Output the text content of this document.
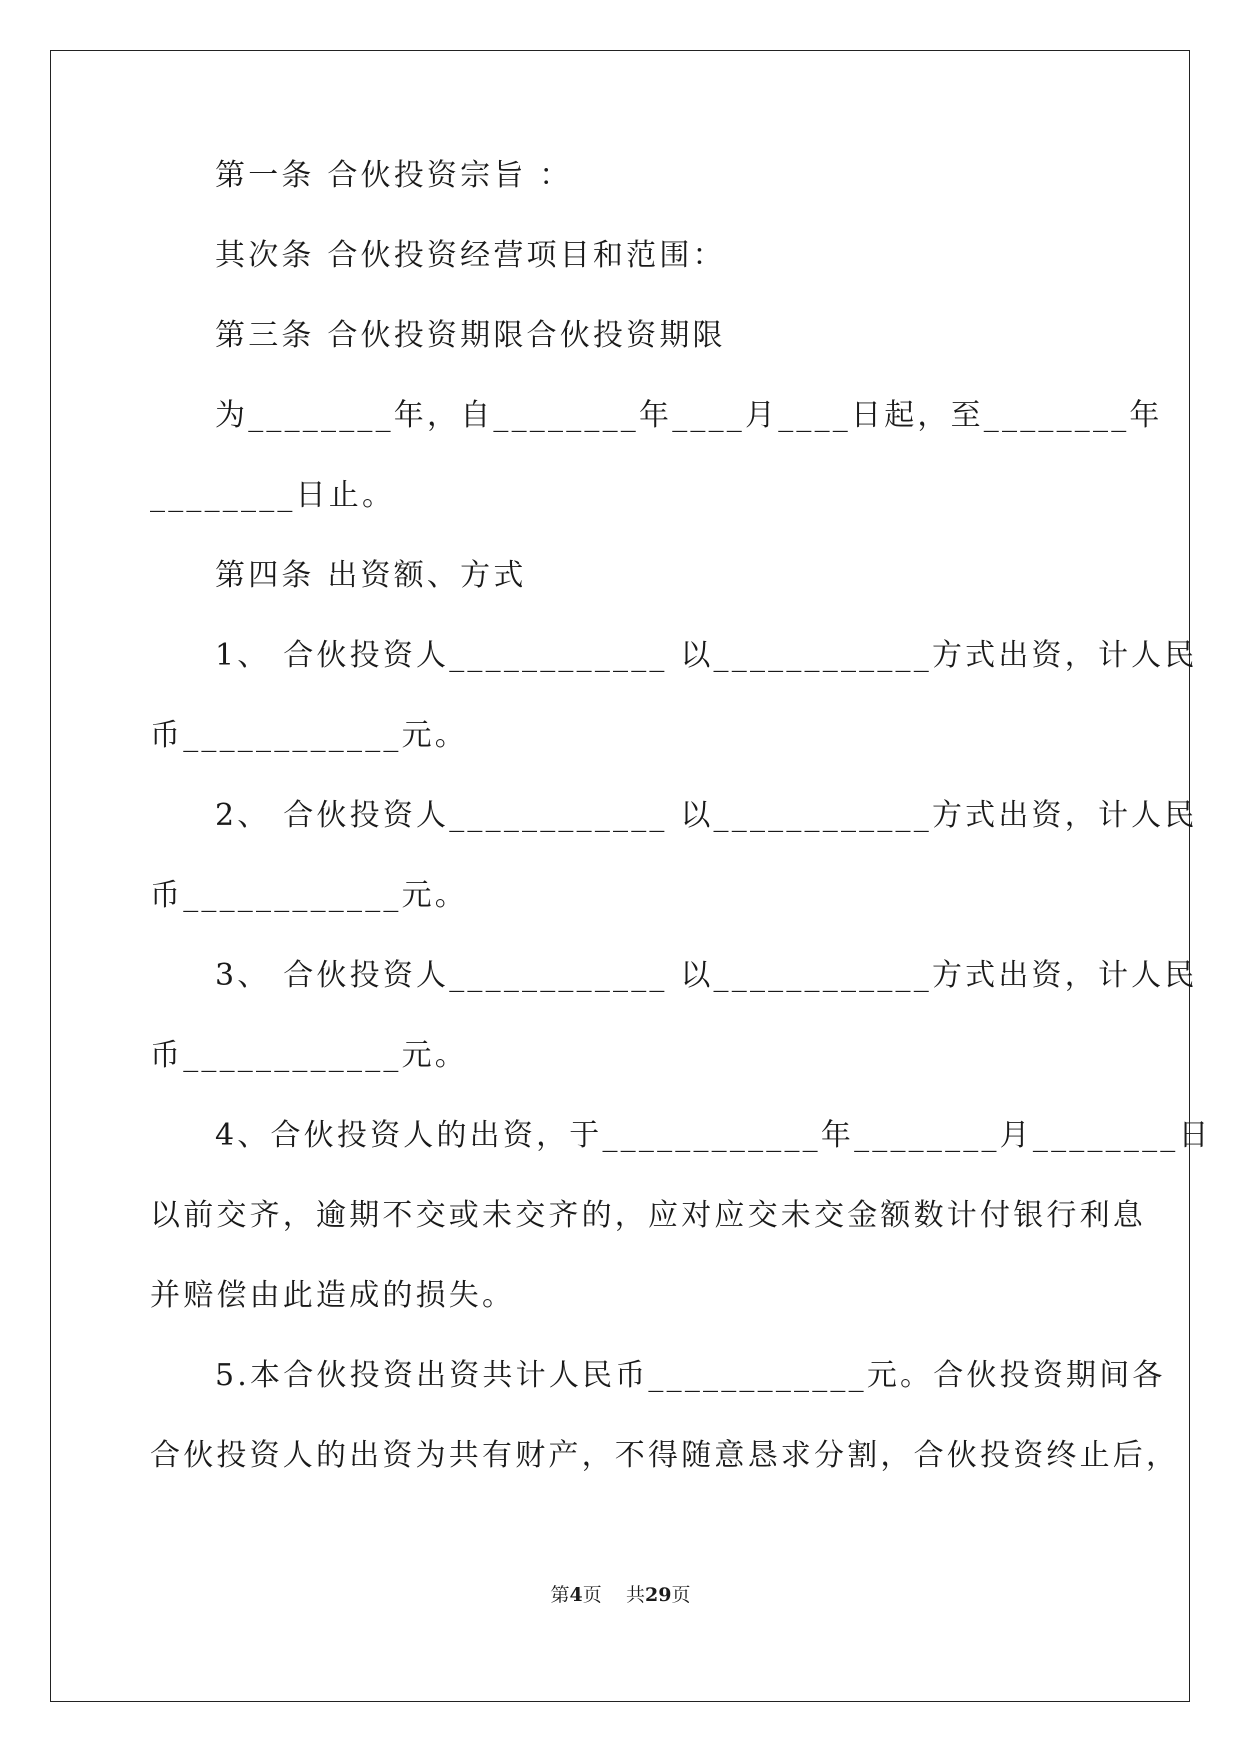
第一条 合伙投资宗旨 ：
其次条 合伙投资经营项目和范围：
第三条 合伙投资期限合伙投资期限
为________年，自________年____月____日起，至________年
________日止。
第四条 出资额、方式
1、 合伙投资人____________ 以____________方式出资，计人民
币____________元。
2、 合伙投资人____________ 以____________方式出资，计人民
币____________元。
3、 合伙投资人____________ 以____________方式出资，计人民
币____________元。
4、合伙投资人的出资，于____________年________月________日
以前交齐，逾期不交或未交齐的，应对应交未交金额数计付银行利息
并赔偿由此造成的损失。
5.本合伙投资出资共计人民币____________元。合伙投资期间各
合伙投资人的出资为共有财产，不得随意恳求分割，合伙投资终止后，
第4页 共29页
